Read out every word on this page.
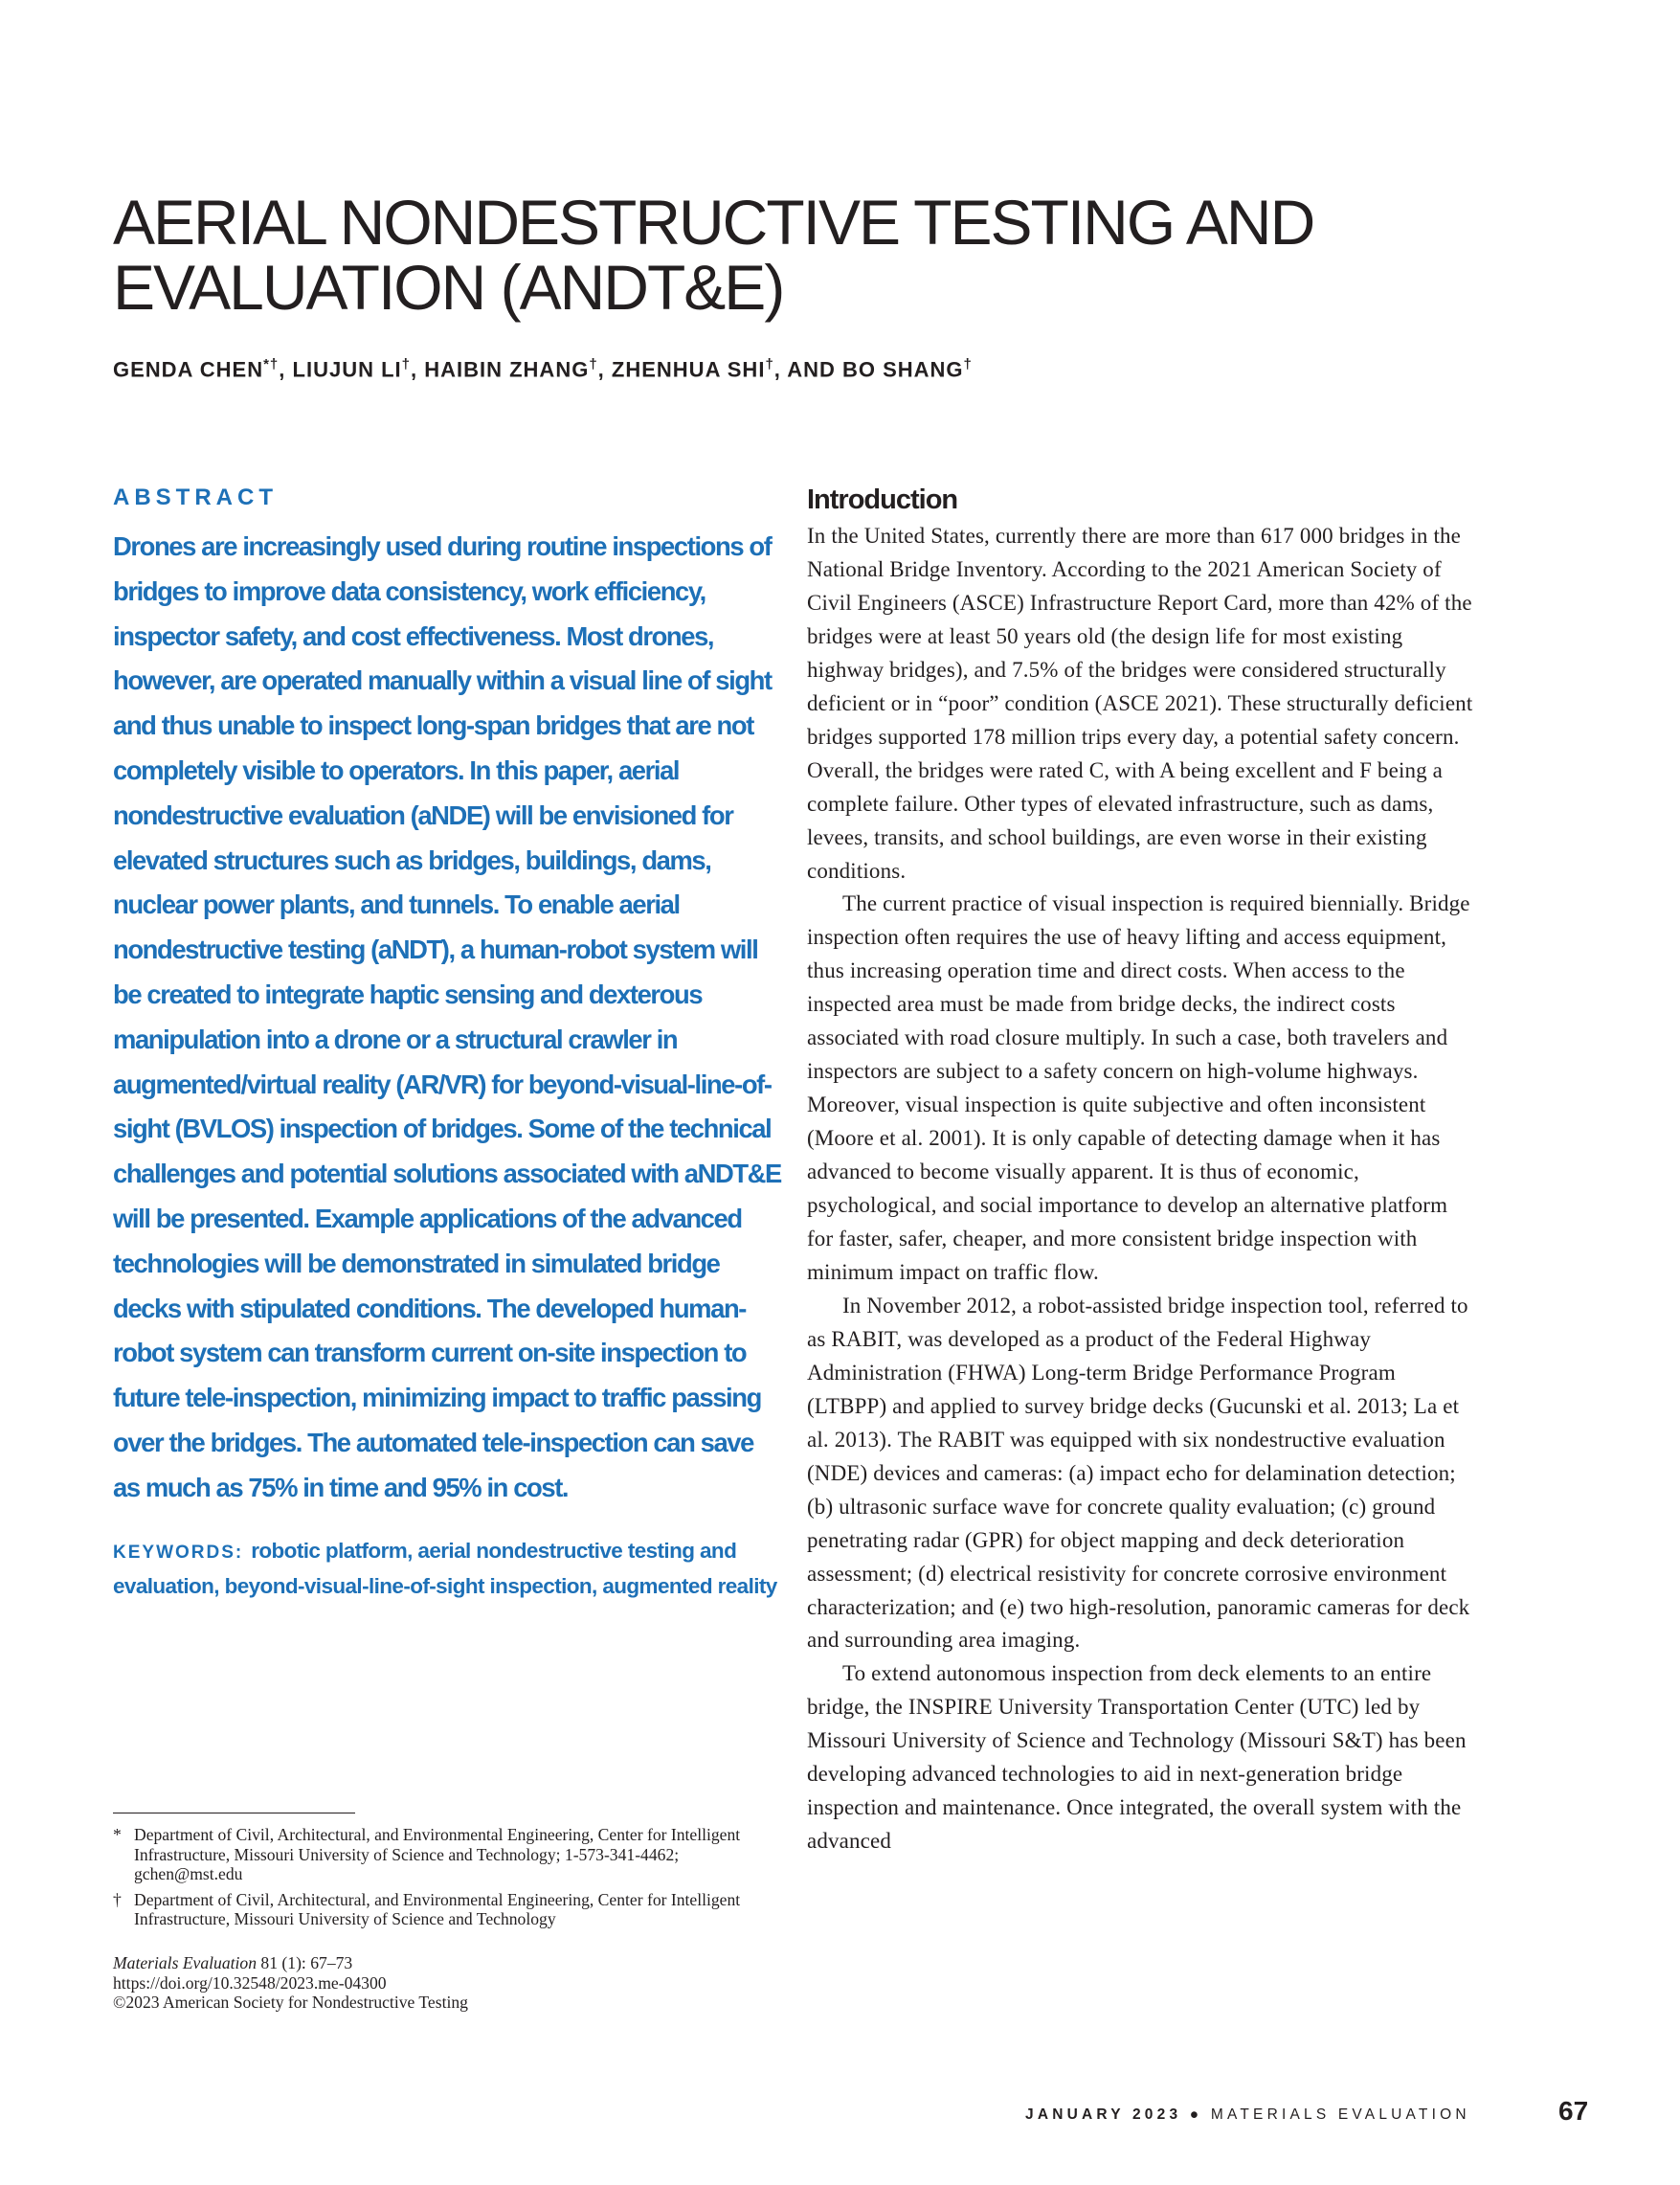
AERIAL NONDESTRUCTIVE TESTING AND EVALUATION (ANDT&E)

GENDA CHEN*†, LIUJUN LI†, HAIBIN ZHANG†, ZHENHUA SHI†, AND BO SHANG†

ABSTRACT

Drones are increasingly used during routine inspections of bridges to improve data consistency, work efficiency, inspector safety, and cost effectiveness. Most drones, however, are operated manually within a visual line of sight and thus unable to inspect long-span bridges that are not completely visible to operators. In this paper, aerial nondestructive evaluation (aNDE) will be envisioned for elevated structures such as bridges, buildings, dams, nuclear power plants, and tunnels. To enable aerial nondestructive testing (aNDT), a human-robot system will be created to integrate haptic sensing and dexterous manipulation into a drone or a structural crawler in augmented/virtual reality (AR/VR) for beyond-visual-line-of-sight (BVLOS) inspection of bridges. Some of the technical challenges and potential solutions associated with aNDT&E will be presented. Example applications of the advanced technologies will be demonstrated in simulated bridge decks with stipulated conditions. The developed human-robot system can transform current on-site inspection to future tele-inspection, minimizing impact to traffic passing over the bridges. The automated tele-inspection can save as much as 75% in time and 95% in cost.

KEYWORDS: robotic platform, aerial nondestructive testing and evaluation, beyond-visual-line-of-sight inspection, augmented reality
* Department of Civil, Architectural, and Environmental Engineering, Center for Intelligent Infrastructure, Missouri University of Science and Technology; 1-573-341-4462; gchen@mst.edu
† Department of Civil, Architectural, and Environmental Engineering, Center for Intelligent Infrastructure, Missouri University of Science and Technology
Materials Evaluation 81 (1): 67–73
https://doi.org/10.32548/2023.me-04300
©2023 American Society for Nondestructive Testing
Introduction

In the United States, currently there are more than 617 000 bridges in the National Bridge Inventory. According to the 2021 American Society of Civil Engineers (ASCE) Infrastructure Report Card, more than 42% of the bridges were at least 50 years old (the design life for most existing highway bridges), and 7.5% of the bridges were considered structurally deficient or in “poor” condition (ASCE 2021). These structurally deficient bridges supported 178 million trips every day, a potential safety concern. Overall, the bridges were rated C, with A being excellent and F being a complete failure. Other types of elevated infrastructure, such as dams, levees, transits, and school buildings, are even worse in their existing conditions.

The current practice of visual inspection is required biennially. Bridge inspection often requires the use of heavy lifting and access equipment, thus increasing operation time and direct costs. When access to the inspected area must be made from bridge decks, the indirect costs associated with road closure multiply. In such a case, both travelers and inspectors are subject to a safety concern on high-volume highways. Moreover, visual inspection is quite subjective and often inconsistent (Moore et al. 2001). It is only capable of detecting damage when it has advanced to become visually apparent. It is thus of economic, psychological, and social importance to develop an alternative platform for faster, safer, cheaper, and more consistent bridge inspection with minimum impact on traffic flow.

In November 2012, a robot-assisted bridge inspection tool, referred to as RABIT, was developed as a product of the Federal Highway Administration (FHWA) Long-term Bridge Performance Program (LTBPP) and applied to survey bridge decks (Gucunski et al. 2013; La et al. 2013). The RABIT was equipped with six nondestructive evaluation (NDE) devices and cameras: (a) impact echo for delamination detection; (b) ultrasonic surface wave for concrete quality evaluation; (c) ground penetrating radar (GPR) for object mapping and deck deterioration assessment; (d) electrical resistivity for concrete corrosive environment characterization; and (e) two high-resolution, panoramic cameras for deck and surrounding area imaging.

To extend autonomous inspection from deck elements to an entire bridge, the INSPIRE University Transportation Center (UTC) led by Missouri University of Science and Technology (Missouri S&T) has been developing advanced technologies to aid in next-generation bridge inspection and maintenance. Once integrated, the overall system with the advanced

JANUARY 2023 ● MATERIALS EVALUATION	67
